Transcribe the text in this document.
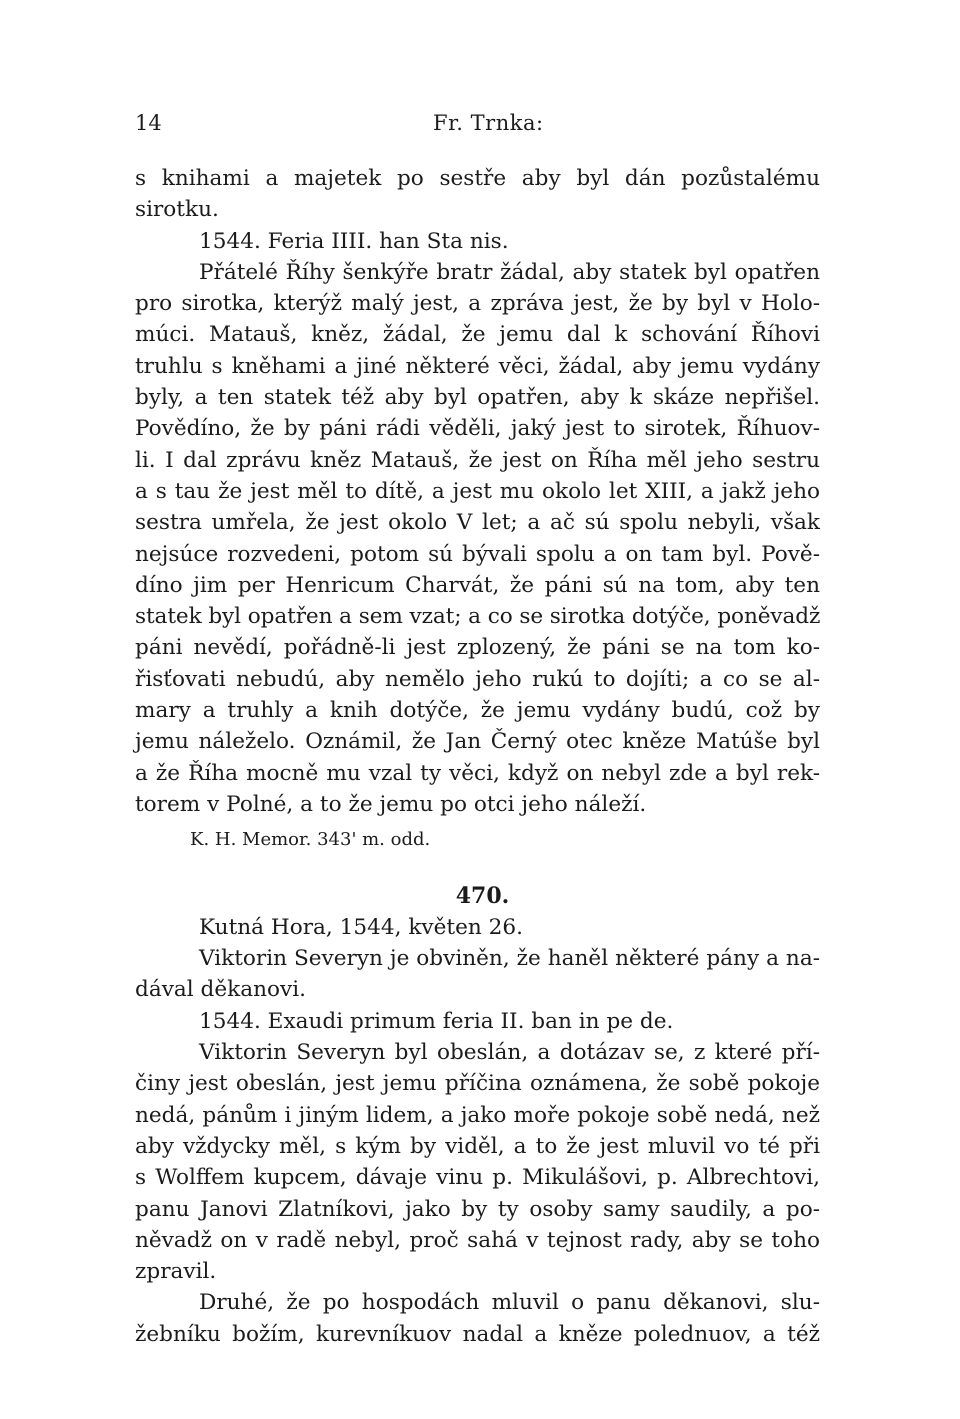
14	Fr. Trnka:
s knihami a majetek po sestře aby byl dán pozůstalému
sirotku.
1544. Feria IIII. han Sta nis.
Přátelé Říhy šenkýře bratr žádal, aby statek byl opatřen
pro sirotka, kterýž malý jest, a zpráva jest, že by byl v Holo-
múci. Matauš, kněz, žádal, že jemu dal k schování Říhovi
truhlu s kněhami a jiné některé věci, žádal, aby jemu vydány
byly, a ten statek též aby byl opatřen, aby k skáze nepřišel.
Povědíno, že by páni rádi věděli, jaký jest to sirotek, Říhuov-
li. I dal zprávu kněz Matauš, že jest on Říha měl jeho sestru
a s tau že jest měl to dítě, a jest mu okolo let XIII, a jakž jeho
sestra umřela, že jest okolo V let; a ač sú spolu nebyli, však
nejsúce rozvedeni, potom sú bývali spolu a on tam byl. Pově-
díno jim per Henricum Charvát, že páni sú na tom, aby ten
statek byl opatřen a sem vzat; a co se sirotka dotýče, poněvadž
páni nevědí, pořádně-li jest zplozený, že páni se na tom ko-
řisťovati nebudú, aby nemělo jeho rukú to dojíti; a co se al-
mary a truhly a knih dotýče, že jemu vydány budú, což by
jemu náleželo. Oznámil, že Jan Černý otec kněze Matúše byl
a že Říha mocně mu vzal ty věci, když on nebyl zde a byl rek-
torem v Polné, a to že jemu po otci jeho náleží.
K. H. Memor. 343' m. odd.
470.
Kutná Hora, 1544, květen 26.
Viktorin Severyn je obviněn, že haněl některé pány a na-
dával děkanovi.
1544. Exaudi primum feria II. ban in pe de.
Viktorin Severyn byl obeslán, a dotázav se, z které pří-
činy jest obeslán, jest jemu příčina oznámena, že sobě pokoje
nedá, pánům i jiným lidem, a jako moře pokoje sobě nedá, než
aby vždycky měl, s kým by viděl, a to že jest mluvil vo té při
s Wolffem kupcem, dávaje vinu p. Mikulášovi, p. Albrechtovi,
panu Janovi Zlatníkovi, jako by ty osoby samy saudily, a po-
něvadž on v radě nebyl, proč sahá v tejnost rady, aby se toho
zpravil.
Druhé, že po hospodách mluvil o panu děkanovi, slu-
žebníku božím, kurevníkuov nadal a kněze polednuov, a též
